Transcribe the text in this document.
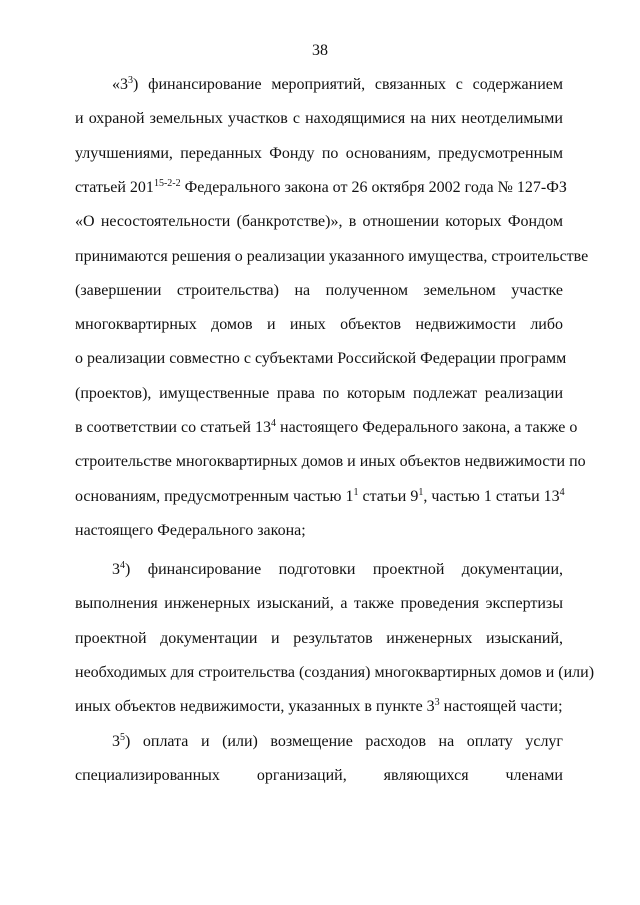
38
«$3^3$) финансирование мероприятий, связанных с содержанием
и охраной земельных участков с находящимися на них неотделимыми
улучшениями, переданных Фонду по основаниям, предусмотренным
статьей 201$^{15-2-2}$ Федерального закона от 26 октября 2002 года № 127-ФЗ
«О несостоятельности (банкротстве)», в отношении которых Фондом
принимаются решения о реализации указанного имущества, строительстве
(завершении строительства) на полученном земельном участке
многоквартирных домов и иных объектов недвижимости либо
о реализации совместно с субъектами Российской Федерации программ
(проектов), имущественные права по которым подлежат реализации
в соответствии со статьей $13^4$ настоящего Федерального закона, а также о
строительстве многоквартирных домов и иных объектов недвижимости по
основаниям, предусмотренным частью $1^1$ статьи $9^1$, частью 1 статьи $13^4$
настоящего Федерального закона;
$3^4$) финансирование подготовки проектной документации,
выполнения инженерных изысканий, а также проведения экспертизы
проектной документации и результатов инженерных изысканий,
необходимых для строительства (создания) многоквартирных домов и (или)
иных объектов недвижимости, указанных в пункте $3^3$ настоящей части;
$3^5$) оплата и (или) возмещение расходов на оплату услуг
специализированных организаций, являющихся членами
